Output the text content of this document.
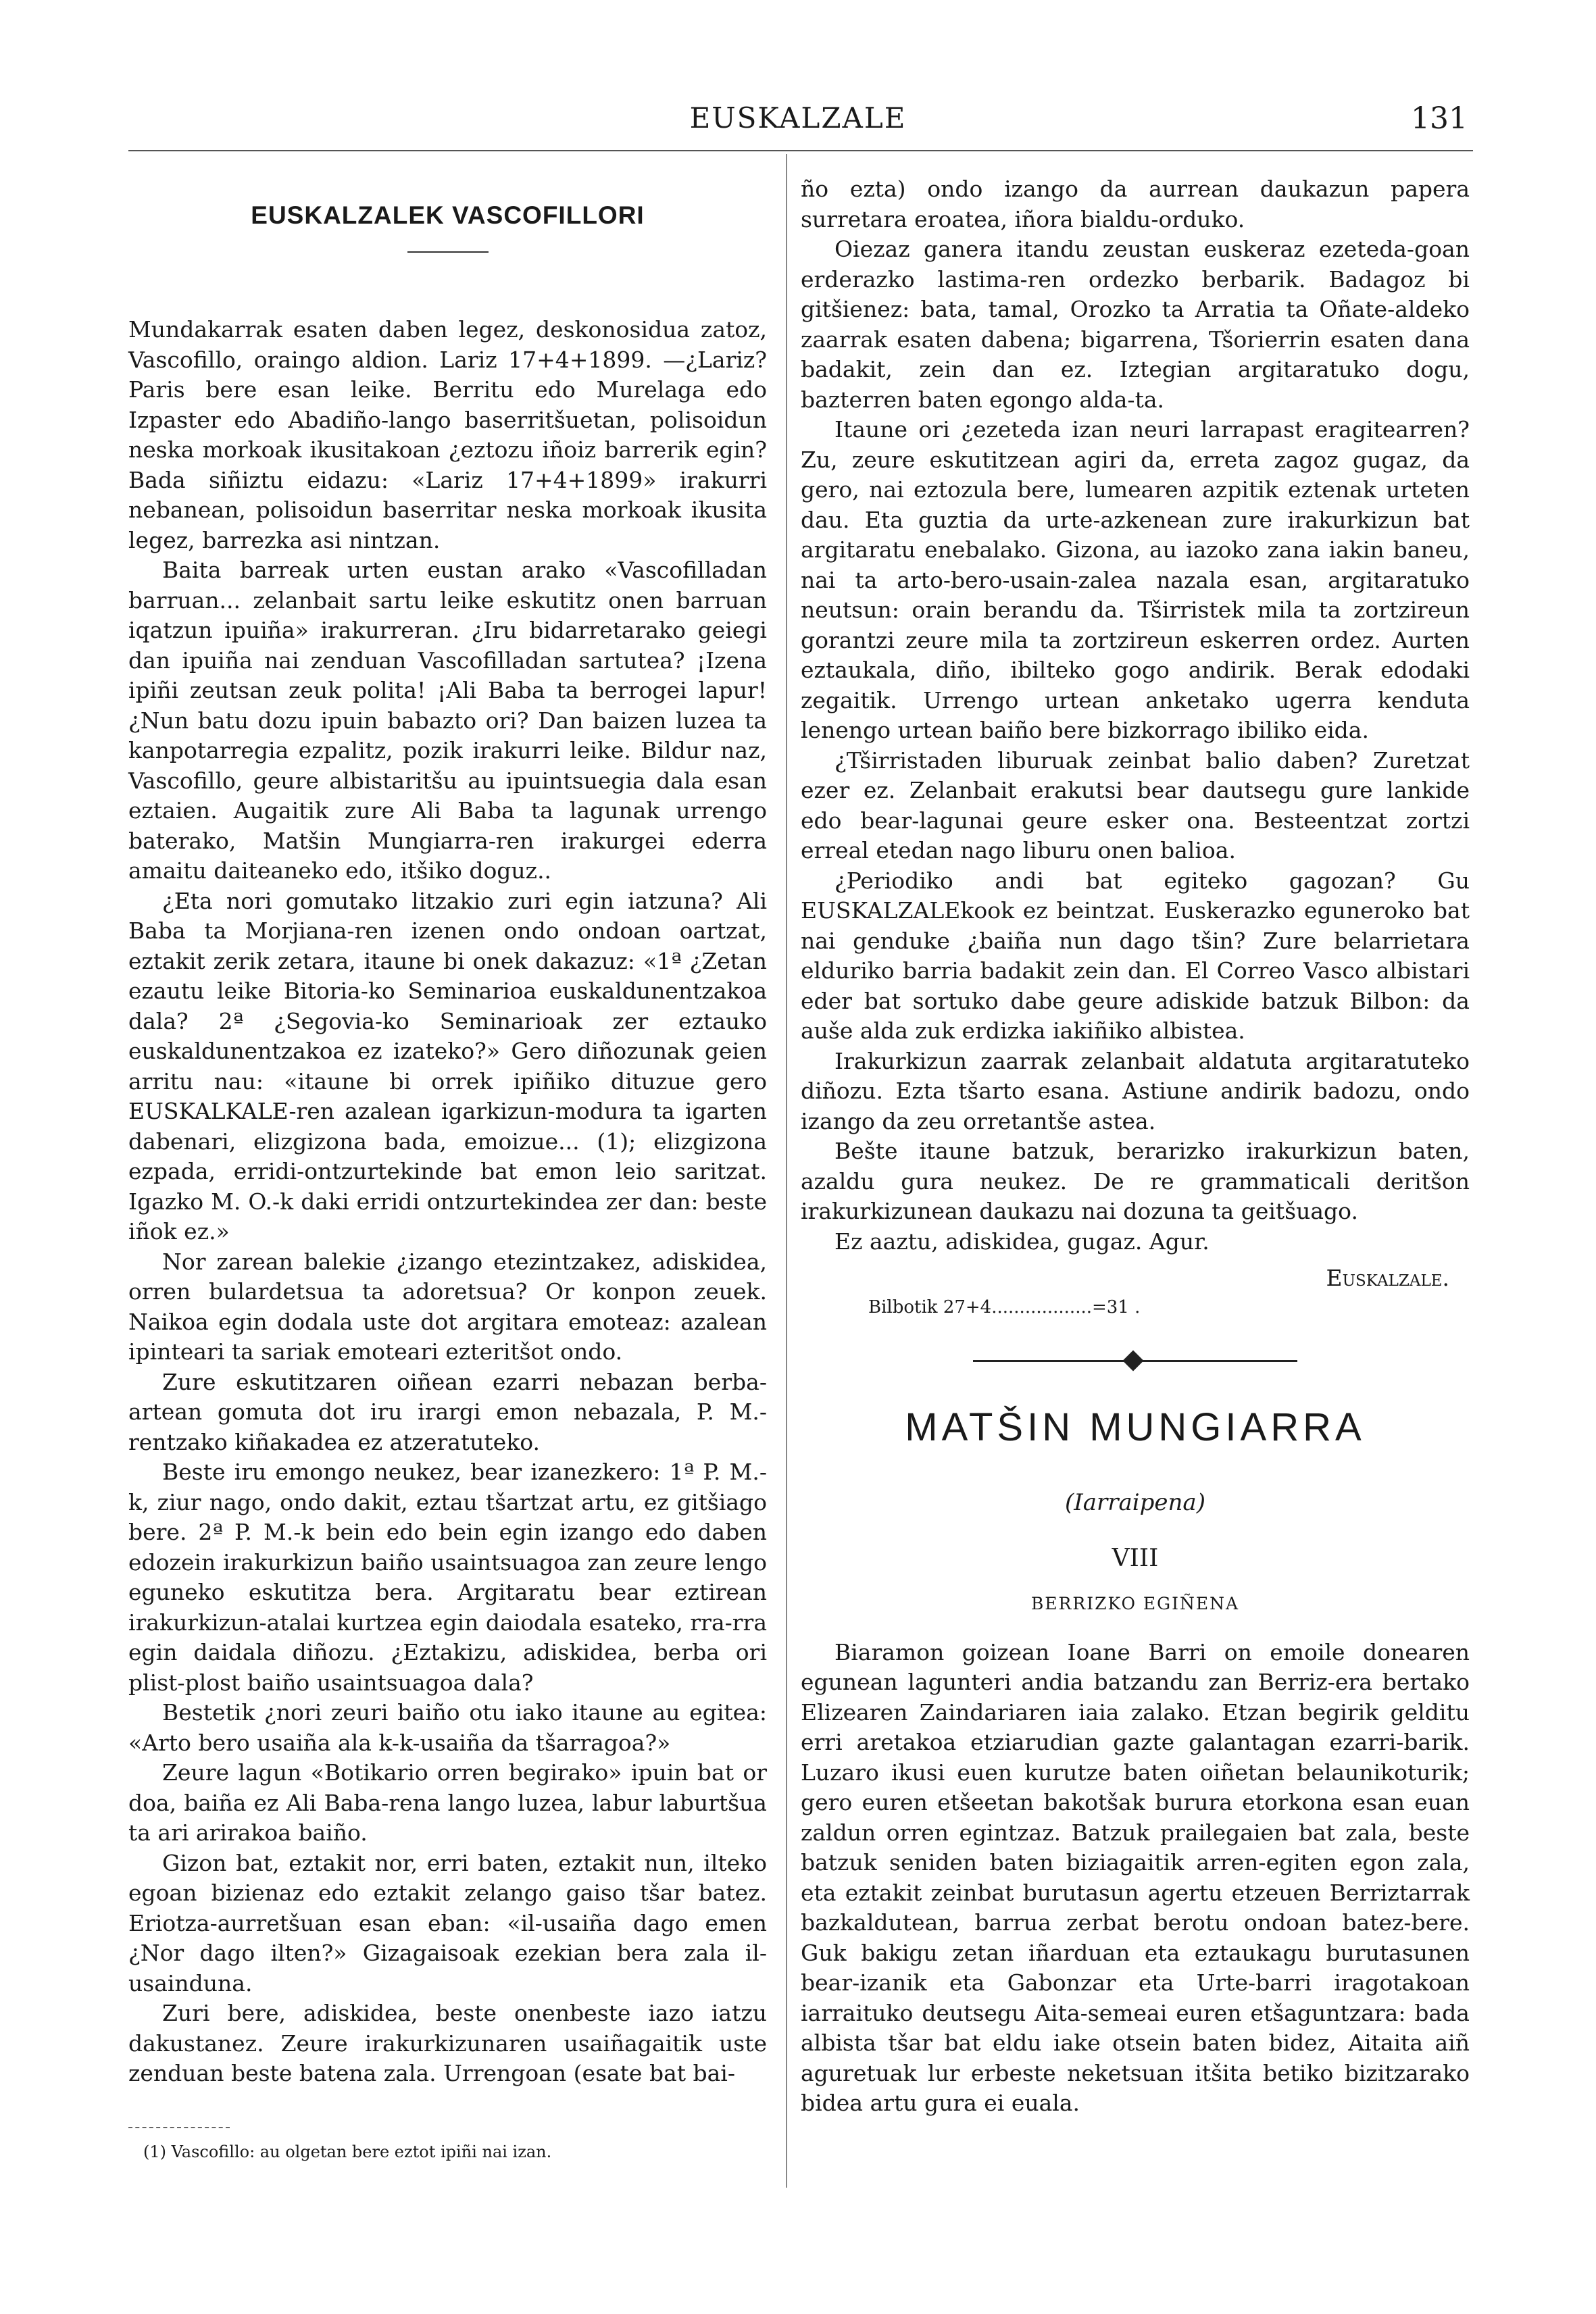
EUSKALZALE	131
EUSKALZALEK VASCOFILLORI

Mundakarrak esaten daben legez, deskonosidua zatoz, Vascofillo, oraingo aldion. Lariz 17+4+1899. —¿Lariz? Paris bere esan leike. Berritu edo Murelaga edo Izpaster edo Abadiño-lango baserritšuetan, polisoidun neska morkoak ikusitakoan ¿eztozu iñoiz barrerik egin? Bada siñiztu eidazu: «Lariz 17+4+1899» irakurri nebanean, polisoidun baserritar neska morkoak ikusita legez, barrezka asi nintzan.

Baita barreak urten eustan arako «Vascofilladan barruan... zelanbait sartu leike eskutitz onen barruan iqatzun ipuiña» irakurreran. ¿Iru bidarretarako geiegi dan ipuiña nai zenduan Vascofilladan sartutea? ¡Izena ipiñi zeutsan zeuk polita! ¡Ali Baba ta berrogei lapur! ¿Nun batu dozu ipuin babazto ori? Dan baizen luzea ta kanpotarregia ezpalitz, pozik irakurri leike. Bildur naz, Vascofillo, geure albistaritšu au ipuintsuegia dala esan eztaien. Augaitik zure Ali Baba ta lagunak urrengo baterako, Matšin Mungiarra-ren irakurgei ederra amaitu daiteaneko edo, itšiko doguz..

¿Eta nori gomutako litzakio zuri egin iatzuna? Ali Baba ta Morjiana-ren izenen ondo ondoan oartzat, eztakit zerik zetara, itaune bi onek dakazuz: «1ª ¿Zetan ezautu leike Bitoria-ko Seminarioa euskaldunentzakoa dala? 2ª ¿Segovia-ko Seminarioak zer eztauko euskaldunentzakoa ez izateko?» Gero diñozunak geien arritu nau: «itaune bi orrek ipiñiko dituzue gero EUSKALKALE-ren azalean igarkizun-modura ta igarten dabenari, elizgizona bada, emoizue... (1); elizgizona ezpada, erridi-ontzurtekinde bat emon leio saritzat. Igazko M. O.-k daki erridi ontzurtekindea zer dan: beste iñok ez.»

Nor zarean balekie ¿izango etezintzakez, adiskidea, orren bulardetsua ta adoretsua? Or konpon zeuek. Naikoa egin dodala uste dot argitara emoteaz: azalean ipinteari ta sariak emoteari ezteritšot ondo.

Zure eskutitzaren oiñean ezarri nebazan berba-artean gomuta dot iru irargi emon nebazala, P. M.-rentzako kiñakadea ez atzeratuteko.

Beste iru emongo neukez, bear izanezkero: 1ª P. M.-k, ziur nago, ondo dakit, eztau tšartzat artu, ez gitšiago bere. 2ª P. M.-k bein edo bein egin izango edo daben edozein irakurkizun baiño usaintsuagoa zan zeure lengo eguneko eskutitza bera. Argitaratu bear eztirean irakurkizun-atalai kurtzea egin daiodala esateko, rra-rra egin daidala diñozu. ¿Eztakizu, adiskidea, berba ori plist-plost baiño usaintsuagoa dala?

Bestetik ¿nori zeuri baiño otu iako itaune au egitea: «Arto bero usaiña ala k-k-usaiña da tšarragoa?»

Zeure lagun «Botikario orren begirako» ipuin bat or doa, baiña ez Ali Baba-rena lango luzea, labur laburtšua ta ari arirakoa baiño.

Gizon bat, eztakit nor, erri baten, eztakit nun, ilteko egoan bizienaz edo eztakit zelango gaiso tšar batez. Eriotza-aurretšuan esan eban: «il-usaiña dago emen ¿Nor dago ilten?» Gizagaisoak ezekian bera zala il-usainduna.

Zuri bere, adiskidea, beste onenbeste iazo iatzu dakustanez. Zeure irakurkizunaren usaiñagaitik uste zenduan beste batena zala. Urrengoan (esate bat bai-

(1) Vascofillo: au olgetan bere eztot ipiñi nai izan.

ño ezta) ondo izango da aurrean daukazun papera surretara eroatea, iñora bialdu-orduko.

Oiezaz ganera itandu zeustan euskeraz ezeteda-goan erderazko lastima-ren ordezko berbarik. Badagoz bi gitšienez: bata, tamal, Orozko ta Arratia ta Oñate-aldeko zaarrak esaten dabena; bigarrena, Tšorierrin esaten dana badakit, zein dan ez. Iztegian argitaratuko dogu, bazterren baten egongo alda-ta.

Itaune ori ¿ezeteda izan neuri larrapast eragitearren? Zu, zeure eskutitzean agiri da, erreta zagoz gugaz, da gero, nai eztozula bere, lumearen azpitik eztenak urteten dau. Eta guztia da urte-azkenean zure irakurkizun bat argitaratu enebalako. Gizona, au iazoko zana iakin baneu, nai ta arto-bero-usain-zalea nazala esan, argitaratuko neutsun: orain berandu da. Tširristek mila ta zortzireun gorantzi zeure mila ta zortzireun eskerren ordez. Aurten eztaukala, diño, ibilteko gogo andirik. Berak edodaki zegaitik. Urrengo urtean anketako ugerra kenduta lenengo urtean baiño bere bizkorrago ibiliko eida.

¿Tširristaden liburuak zeinbat balio daben? Zuretzat ezer ez. Zelanbait erakutsi bear dautsegu gure lankide edo bear-lagunai geure esker ona. Besteentzat zortzi erreal etedan nago liburu onen balioa.

¿Periodiko andi bat egiteko gagozan? Gu EUSKALZALEkook ez beintzat. Euskerazko eguneroko bat nai genduke ¿baiña nun dago tšin? Zure belarrietara elduriko barria badakit zein dan. El Correo Vasco albistari eder bat sortuko dabe geure adiskide batzuk Bilbon: da auše alda zuk erdizka iakiñiko albistea.

Irakurkizun zaarrak zelanbait aldatuta argitaratuteko diñozu. Ezta tšarto esana. Astiune andirik badozu, ondo izango da zeu orretantše astea.

Bešte itaune batzuk, berarizko irakurkizun baten, azaldu gura neukez. De re grammaticali deritšon irakurkizunean daukazu nai dozuna ta geitšuago.

Ez aaztu, adiskidea, gugaz. Agur.

Euskalzale.
Bilbotik 27+4..................=31 .
MATŠIN MUNGIARRA
(Iarraipena)
VIII
BERRIZKO EGIÑENA

Biaramon goizean Ioane Barri on emoile donearen egunean lagunteri andia batzandu zan Berriz-era bertako Elizearen Zaindariaren iaia zalako. Etzan begirik gelditu erri aretakoa etziarudian gazte galantagan ezarri-barik. Luzaro ikusi euen kurutze baten oiñetan belaunikoturik; gero euren etšeetan bakotšak burura etorkona esan euan zaldun orren egintzaz. Batzuk prailegaien bat zala, beste batzuk seniden baten biziagaitik arren-egiten egon zala, eta eztakit zeinbat burutasun agertu etzeuen Berriztarrak bazkaldutean, barrua zerbat berotu ondoan batez-bere. Guk bakigu zetan iñarduan eta eztaukagu burutasunen bear-izanik eta Gabonzar eta Urte-barri iragotakoan iarraituko deutsegu Aita-semeai euren etšaguntzara: bada albista tšar bat eldu iake otsein baten bidez, Aitaita aiñ aguretuak lur erbeste neketsuan itšita betiko bizitzarako bidea artu gura ei euala.
